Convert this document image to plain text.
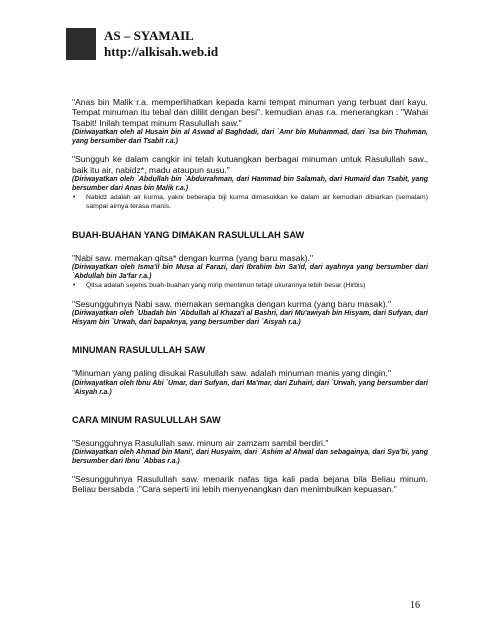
AS – SYAMAIL
http://alkisah.web.id

"Anas bin Malik r.a. memperlihatkan kepada kami tempat minuman yang terbuat dari kayu. Tempat minuman itu tebal dan dililit dengan besi". kemudian anas r.a. menerangkan : "Wahai Tsabit! Inilah tempat minum Rasulullah saw."

(Diriwayatkan oleh al Husain bin al Aswad al Baghdadi, dari `Amr bin Muhammad, dari `Isa bin Thuhman, yang bersumber dari Tsabit r.a.)

"Sungguh ke dalam cangkir ini telah kutuangkan berbagai minuman untuk Rasulullah saw., baik itu air, nabidz*, madu ataupun susu."

(Diriwayatkan oleh `Abdullah bin `Abdurrahman, dari Hammad bin Salamah, dari Humaid dan Tsabit, yang bersumber dari Anas bin Malik r.a.)

• Nabidz adalah air kurma, yakni beberapa biji kurma dimasukkan ke dalam air kemudian dibiarkan (semalam) sampai airnya terasa manis.

BUAH-BUAHAN YANG DIMAKAN RASULULLAH SAW

"Nabi saw. memakan qitsa* dengan kurma (yang baru masak)."

(Diriwayatkan oleh Isma'il bin Musa al Farazi, dari Ibrahim bin Sa'id, dari ayahnya yang bersumber dari `Abdullah bin Ja'far r.a.)

• Qitsa adalah sejenis buah-buahan yang mirip mentimun tetapi ukurannya lebih besar (Hirbis)

"Sesungguhnya Nabi saw. memakan semangka dengan kurma (yang baru masak)."

(Diriwayatkan oleh `Ubadah bin `Abdullah al Khaza'i al Bashri, dari Mu'awiyah bin Hisyam, dari Sufyan, dari Hisyam bin `Urwah, dari bapaknya, yang bersumber dari `Aisyah r.a.)

MINUMAN RASULULLAH SAW

"Minuman yang paling disukai Rasulullah saw. adalah minuman manis yang dingin."

(Diriwayatkan oleh Ibnu Abi `Umar, dari Sufyan, dari Ma'mar, dari Zuhairi, dari `Urwah, yang bersumber dari `Aisyah r.a.)

CARA MINUM RASULULLAH SAW

"Sesungguhnya Rasulullah saw. minum air zamzam sambil berdiri."

(Diriwayatkan oleh Ahmad bin Mani', dari Husyaim, dari `Ashim al Ahwal dan sebagainya, dari Sya'bi, yang bersumber dari Ibnu `Abbas r.a.)

"Sesungguhnya Rasulullah saw. menarik nafas tiga kali pada bejana bila Beliau minum. Beliau bersabda :"Cara seperti ini lebih menyenangkan dan menimbulkan kepuasan."

16
